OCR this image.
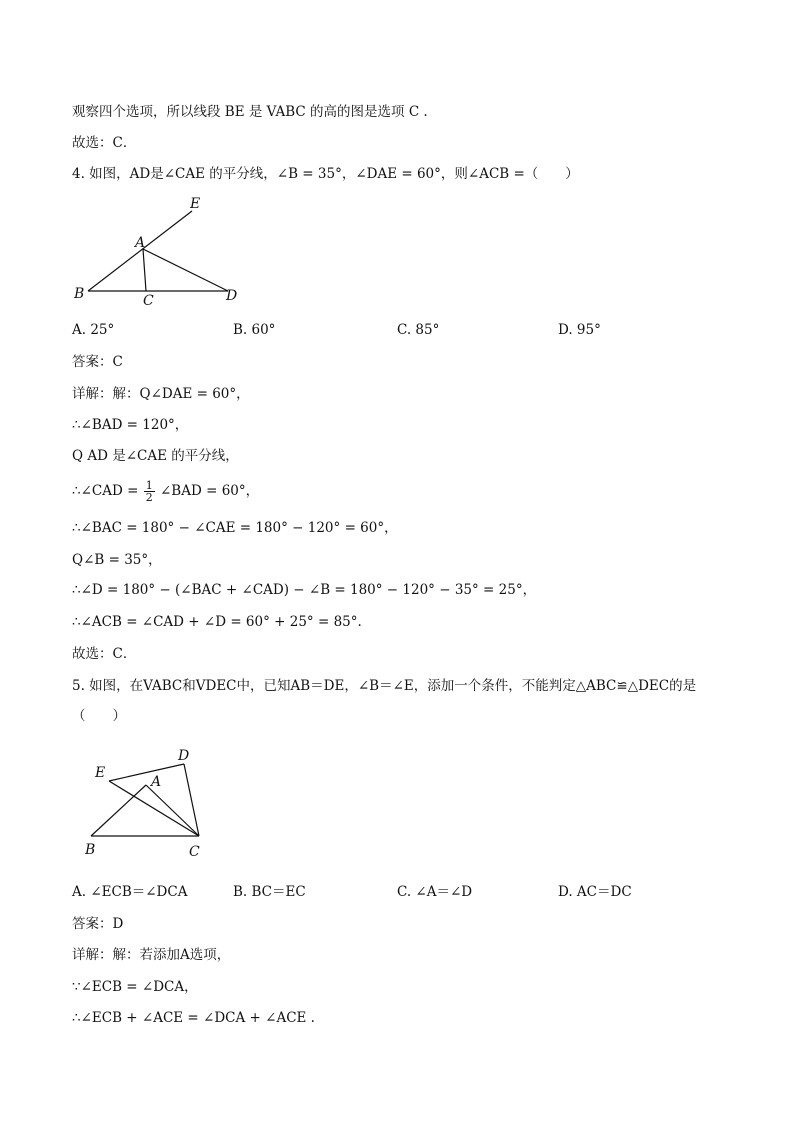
观察四个选项，所以线段 BE 是 VABC 的高的图是选项 C .
故选：C．
4. 如图，AD是∠CAE 的平分线，∠B = 35°，∠DAE = 60°，则∠ACB =（　　）
E
A
B	C	D
A. 25°	B. 60°	C. 85°	D. 95°
答案：C
详解：解：Q∠DAE = 60°，
∴∠BAD = 120°，
Q AD 是∠CAE 的平分线，
∴∠CAD = $\frac{1}{2}$ ∠BAD = 60°，
∴∠BAC = 180° − ∠CAE = 180° − 120° = 60°，
Q∠B = 35°，
∴∠D = 180° − (∠BAC + ∠CAD) − ∠B = 180° − 120° − 35° = 25°，
∴∠ACB = ∠CAD + ∠D = 60° + 25° = 85°.
故选：C．
5. 如图，在VABC和VDEC中，已知AB＝DE，∠B＝∠E，添加一个条件，不能判定△ABC≌△DEC的是
（　　）
D
E
A
B	C
A. ∠ECB＝∠DCA	B. BC＝EC	C. ∠A＝∠D	D. AC＝DC
答案：D
详解：解：若添加A选项，
∵∠ECB = ∠DCA，
∴∠ECB + ∠ACE = ∠DCA + ∠ACE .
